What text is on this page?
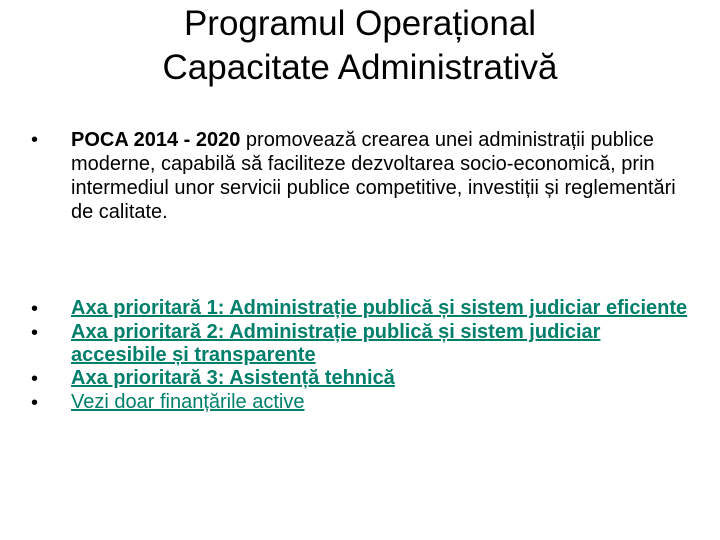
Programul Operațional
Capacitate Administrativă
•	POCA 2014 - 2020 promovează crearea unei administrații publice moderne, capabilă să faciliteze dezvoltarea socio-economică, prin intermediul unor servicii publice competitive, investiții și reglementări de calitate.
•	Axa prioritară 1: Administrație publică și sistem judiciar eficiente
•	Axa prioritară 2: Administrație publică și sistem judiciar accesibile și transparente
•	Axa prioritară 3: Asistență tehnică
•	Vezi doar finanțările active
